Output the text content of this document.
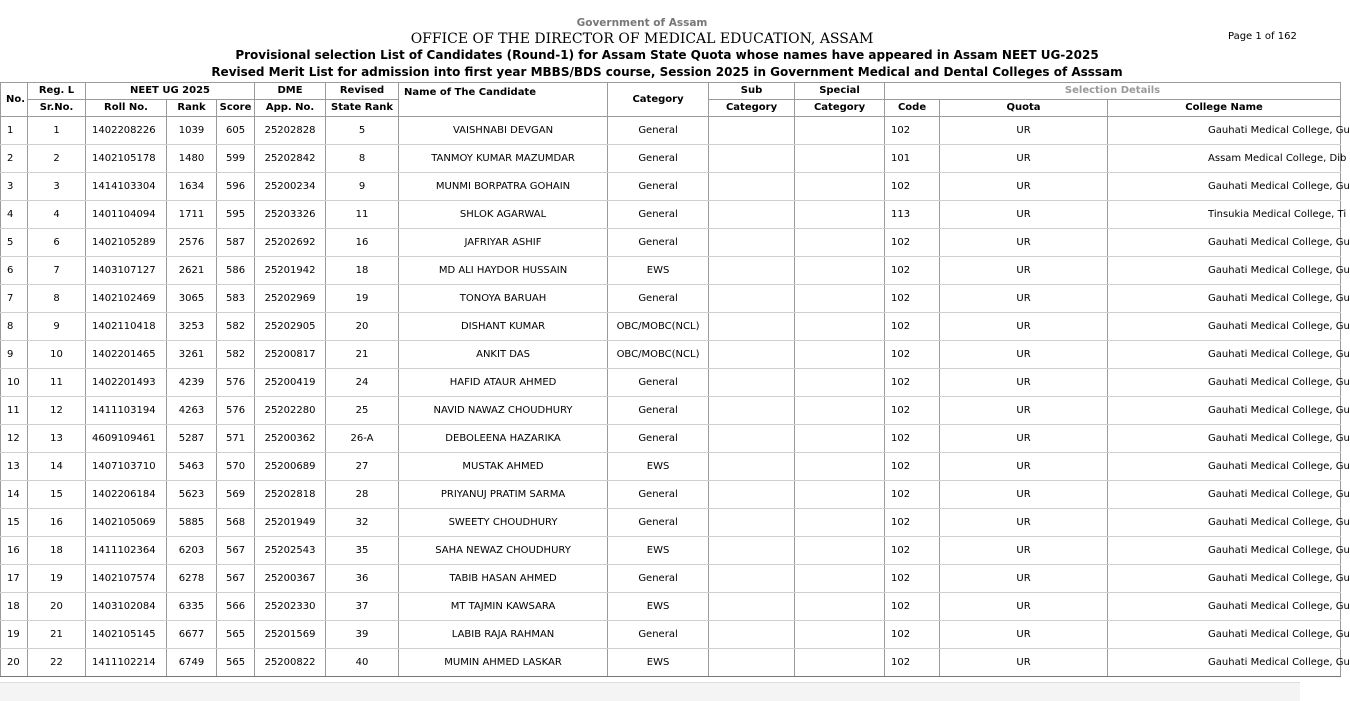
Government of Assam
OFFICE OF THE DIRECTOR OF MEDICAL EDUCATION, ASSAM
Provisional selection List of Candidates (Round-1) for Assam State Quota whose names have appeared in Assam NEET UG-2025
Revised Merit List for admission into first year MBBS/BDS course, Session 2025 in Government Medical and Dental Colleges of Asssam
Page 1 of 162
No.	Reg. L	NEET UG 2025			DME	Revised	Name of The Candidate	Category	Sub	Special	Selection Details		
	Sr.No.	Roll No.	Rank	Score	App. No.	State Rank			Category	Category	Code	Quota	College Name
1	1	1402208226	1039	605	25202828	5	VAISHNABI DEVGAN	General			102	UR	Gauhati Medical College, Gu
2	2	1402105178	1480	599	25202842	8	TANMOY KUMAR MAZUMDAR	General			101	UR	Assam Medical College, Dib
3	3	1414103304	1634	596	25200234	9	MUNMI BORPATRA GOHAIN	General			102	UR	Gauhati Medical College, Gu
4	4	1401104094	1711	595	25203326	11	SHLOK AGARWAL	General			113	UR	Tinsukia Medical College, Ti
5	6	1402105289	2576	587	25202692	16	JAFRIYAR ASHIF	General			102	UR	Gauhati Medical College, Gu
6	7	1403107127	2621	586	25201942	18	MD ALI HAYDOR HUSSAIN	EWS			102	UR	Gauhati Medical College, Gu
7	8	1402102469	3065	583	25202969	19	TONOYA BARUAH	General			102	UR	Gauhati Medical College, Gu
8	9	1402110418	3253	582	25202905	20	DISHANT KUMAR	OBC/MOBC(NCL)			102	UR	Gauhati Medical College, Gu
9	10	1402201465	3261	582	25200817	21	ANKIT DAS	OBC/MOBC(NCL)			102	UR	Gauhati Medical College, Gu
10	11	1402201493	4239	576	25200419	24	HAFID ATAUR AHMED	General			102	UR	Gauhati Medical College, Gu
11	12	1411103194	4263	576	25202280	25	NAVID NAWAZ CHOUDHURY	General			102	UR	Gauhati Medical College, Gu
12	13	4609109461	5287	571	25200362	26-A	DEBOLEENA HAZARIKA	General			102	UR	Gauhati Medical College, Gu
13	14	1407103710	5463	570	25200689	27	MUSTAK AHMED	EWS			102	UR	Gauhati Medical College, Gu
14	15	1402206184	5623	569	25202818	28	PRIYANUJ PRATIM SARMA	General			102	UR	Gauhati Medical College, Gu
15	16	1402105069	5885	568	25201949	32	SWEETY CHOUDHURY	General			102	UR	Gauhati Medical College, Gu
16	18	1411102364	6203	567	25202543	35	SAHA NEWAZ CHOUDHURY	EWS			102	UR	Gauhati Medical College, Gu
17	19	1402107574	6278	567	25200367	36	TABIB HASAN AHMED	General			102	UR	Gauhati Medical College, Gu
18	20	1403102084	6335	566	25202330	37	MT TAJMIN KAWSARA	EWS			102	UR	Gauhati Medical College, Gu
19	21	1402105145	6677	565	25201569	39	LABIB RAJA RAHMAN	General			102	UR	Gauhati Medical College, Gu
20	22	1411102214	6749	565	25200822	40	MUMIN AHMED LASKAR	EWS			102	UR	Gauhati Medical College, Gu
